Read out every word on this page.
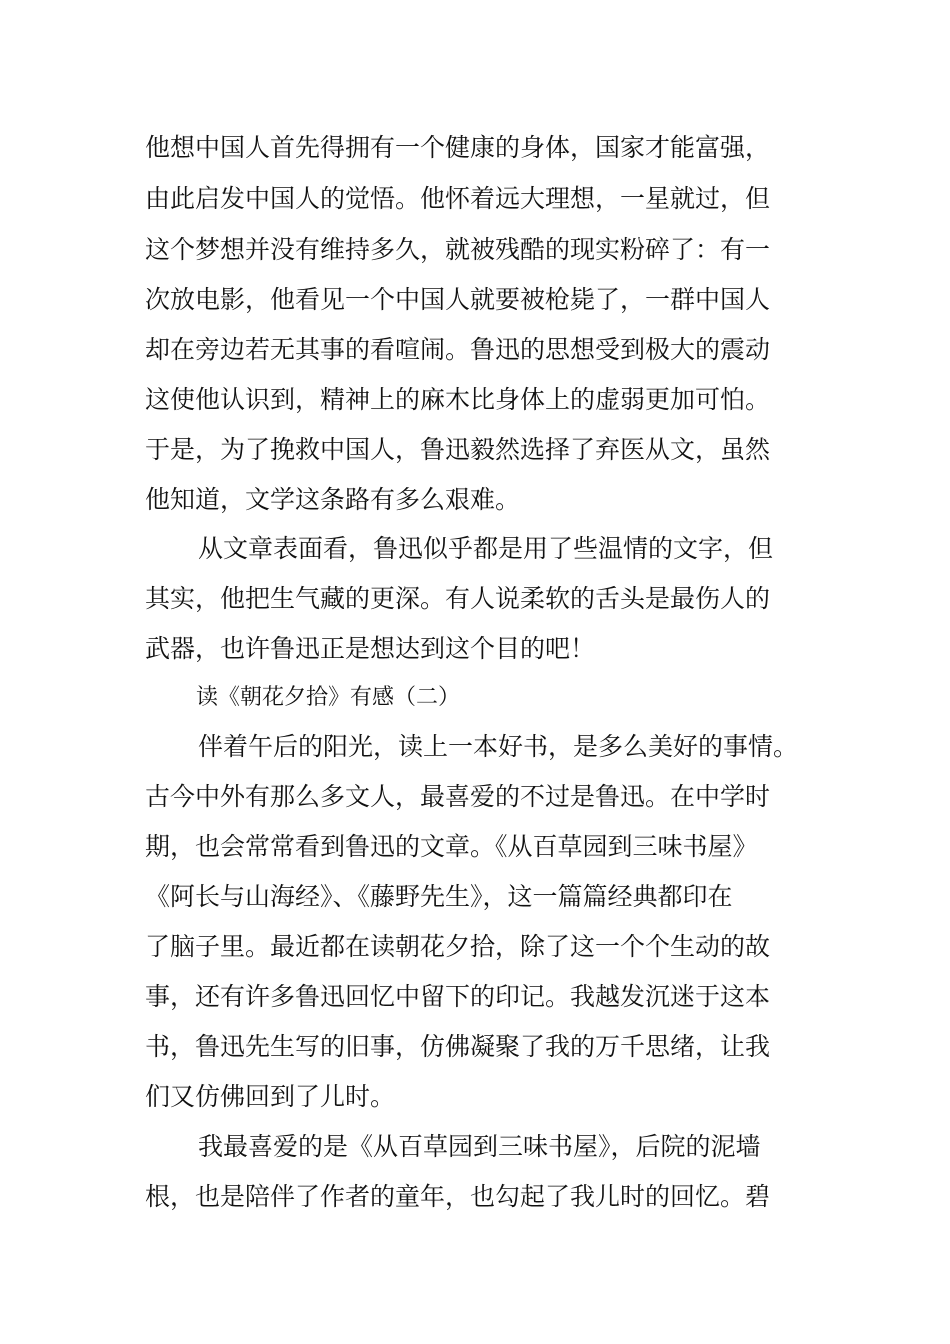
他想中国人首先得拥有一个健康的身体，国家才能富强，
由此启发中国人的觉悟。他怀着远大理想，一星就过，但
这个梦想并没有维持多久，就被残酷的现实粉碎了：有一
次放电影，他看见一个中国人就要被枪毙了，一群中国人
却在旁边若无其事的看喧闹。鲁迅的思想受到极大的震动
这使他认识到，精神上的麻木比身体上的虚弱更加可怕。
于是，为了挽救中国人，鲁迅毅然选择了弃医从文，虽然
他知道，文学这条路有多么艰难。
从文章表面看，鲁迅似乎都是用了些温情的文字，但
其实，他把生气藏的更深。有人说柔软的舌头是最伤人的
武器，也许鲁迅正是想达到这个目的吧！
读《朝花夕拾》有感（二）
伴着午后的阳光，读上一本好书，是多么美好的事情。
古今中外有那么多文人，最喜爱的不过是鲁迅。在中学时
期，也会常常看到鲁迅的文章。《从百草园到三味书屋》
《阿长与山海经》、《藤野先生》，这一篇篇经典都印在
了脑子里。最近都在读朝花夕拾，除了这一个个生动的故
事，还有许多鲁迅回忆中留下的印记。我越发沉迷于这本
书，鲁迅先生写的旧事，仿佛凝聚了我的万千思绪，让我
们又仿佛回到了儿时。
我最喜爱的是《从百草园到三味书屋》，后院的泥墙
根，也是陪伴了作者的童年，也勾起了我儿时的回忆。碧
